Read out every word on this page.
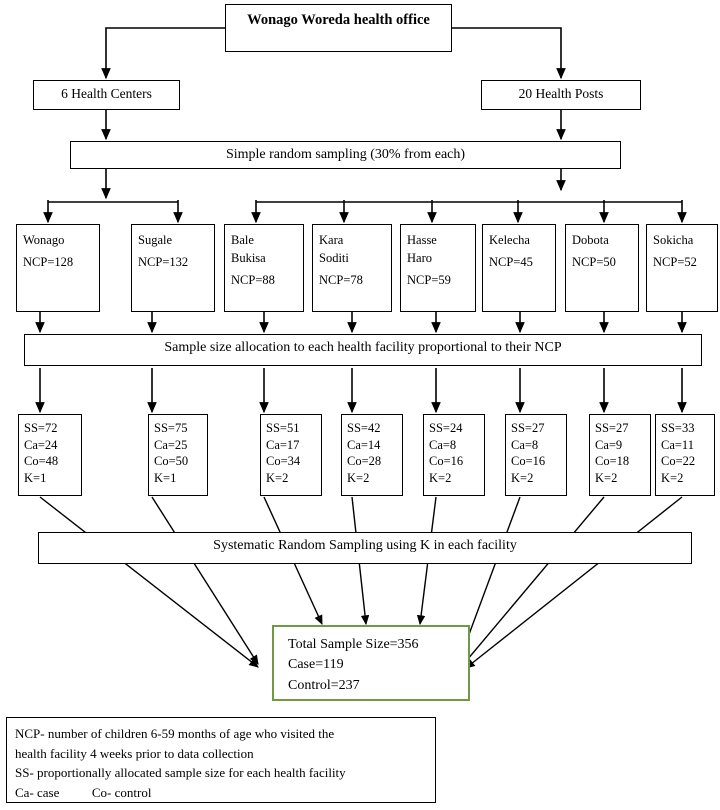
Wonago Woreda health office
6 Health Centers	20 Health Posts
Simple random sampling (30% from each)
Wonago
NCP=128
Sugale
NCP=132
Bale
Bukisa
NCP=88
Kara
Soditi
NCP=78
Hasse
Haro
NCP=59
Kelecha
NCP=45
Dobota
NCP=50
Sokicha
NCP=52
Sample size allocation to each health facility proportional to their NCP
SS=72
Ca=24
Co=48
K=1
SS=75
Ca=25
Co=50
K=1
SS=51
Ca=17
Co=34
K=2
SS=42
Ca=14
Co=28
K=2
SS=24
Ca=8
Co=16
K=2
SS=27
Ca=8
Co=16
K=2
SS=27
Ca=9
Co=18
K=2
SS=33
Ca=11
Co=22
K=2
Systematic Random Sampling using K in each facility
Total Sample Size=356
Case=119
Control=237
NCP- number of children 6-59 months of age who visited the
health facility 4 weeks prior to data collection
SS- proportionally allocated sample size for each health facility
Ca- case          Co- control
